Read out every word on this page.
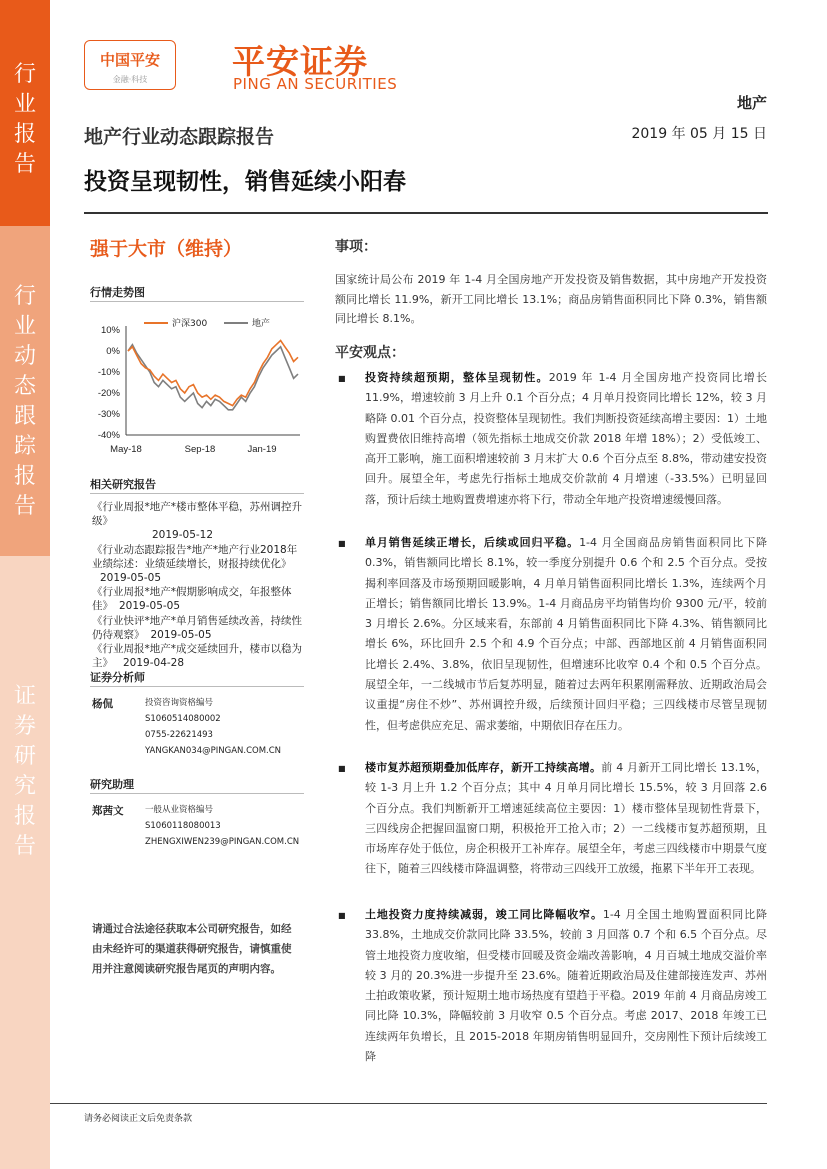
行业报告
行业动态跟踪报告
证券研究报告
中国平安
金融·科技	平安证券
PING AN SECURITIES
地产
地产行业动态跟踪报告	2019 年 05 月 15 日
投资呈现韧性，销售延续小阳春
强于大市（维持）
行情走势图
10%
0%
-10%
-20%
-30%
-40%
May-18	Sep-18	Jan-19
沪深300	地产
相关研究报告
《行业周报*地产*楼市整体平稳，苏州调控升级》
2019-05-12
《行业动态跟踪报告*地产*地产行业2018年业绩综述：业绩延续增长，财报持续优化》2019-05-05
《行业周报*地产*假期影响成交，年报整体佳》 2019-05-05
《行业快评*地产*单月销售延续改善，持续性仍待观察》 2019-05-05
《行业周报*地产*成交延续回升，楼市以稳为主》 2019-04-28
证券分析师
杨侃	投资咨询资格编号
S1060514080002
0755-22621493
YANGKAN034@PINGAN.COM.CN
研究助理
郑茜文	一般从业资格编号
S1060118080013
ZHENGXIWEN239@PINGAN.COM.CN
请通过合法途径获取本公司研究报告，如经由未经许可的渠道获得研究报告，请慎重使用并注意阅读研究报告尾页的声明内容。
事项：
国家统计局公布 2019 年 1-4 月全国房地产开发投资及销售数据，其中房地产开发投资额同比增长 11.9%，新开工同比增长 13.1%；商品房销售面积同比下降 0.3%，销售额同比增长 8.1%。
平安观点：
■ 投资持续超预期，整体呈现韧性。2019 年 1-4 月全国房地产投资同比增长 11.9%，增速较前 3 月上升 0.1 个百分点；4 月单月投资同比增长 12%，较 3 月略降 0.01 个百分点，投资整体呈现韧性。我们判断投资延续高增主要因：1）土地购置费依旧维持高增（领先指标土地成交价款 2018 年增 18%）；2）受低竣工、高开工影响，施工面积增速较前 3 月末扩大 0.6 个百分点至 8.8%，带动建安投资回升。展望全年，考虑先行指标土地成交价款前 4 月增速（-33.5%）已明显回落，预计后续土地购置费增速亦将下行，带动全年地产投资增速缓慢回落。
■ 单月销售延续正增长，后续或回归平稳。1-4 月全国商品房销售面积同比下降 0.3%，销售额同比增长 8.1%，较一季度分别提升 0.6 个和 2.5 个百分点。受按揭利率回落及市场预期回暖影响，4 月单月销售面积同比增长 1.3%，连续两个月正增长；销售额同比增长 13.9%。1-4 月商品房平均销售均价 9300 元/平，较前 3 月增长 2.6%。分区域来看，东部前 4 月销售面积同比下降 4.3%、销售额同比增长 6%，环比回升 2.5 个和 4.9 个百分点；中部、西部地区前 4 月销售面积同比增长 2.4%、3.8%，依旧呈现韧性，但增速环比收窄 0.4 个和 0.5 个百分点。展望全年，一二线城市节后复苏明显，随着过去两年积累刚需释放、近期政治局会议重提“房住不炒”、苏州调控升级，后续预计回归平稳；三四线楼市尽管呈现韧性，但考虑供应充足、需求萎缩，中期依旧存在压力。
■ 楼市复苏超预期叠加低库存，新开工持续高增。前 4 月新开工同比增长 13.1%，较 1-3 月上升 1.2 个百分点；其中 4 月单月同比增长 15.5%，较 3 月回落 2.6 个百分点。我们判断新开工增速延续高位主要因：1）楼市整体呈现韧性背景下，三四线房企把握回温窗口期，积极抢开工抢入市；2）一二线楼市复苏超预期，且市场库存处于低位，房企积极开工补库存。展望全年，考虑三四线楼市中期景气度往下，随着三四线楼市降温调整，将带动三四线开工放缓，拖累下半年开工表现。
■ 土地投资力度持续减弱，竣工同比降幅收窄。1-4 月全国土地购置面积同比降 33.8%，土地成交价款同比降 33.5%，较前 3 月回落 0.7 个和 6.5 个百分点。尽管土地投资力度收缩，但受楼市回暖及资金端改善影响，4 月百城土地成交溢价率较 3 月的 20.3%进一步提升至 23.6%。随着近期政治局及住建部接连发声、苏州土拍政策收紧，预计短期土地市场热度有望趋于平稳。2019 年前 4 月商品房竣工同比降 10.3%，降幅较前 3 月收窄 0.5 个百分点。考虑 2017、2018 年竣工已连续两年负增长，且 2015-2018 年期房销售明显回升，交房刚性下预计后续竣工降
请务必阅读正文后免责条款
